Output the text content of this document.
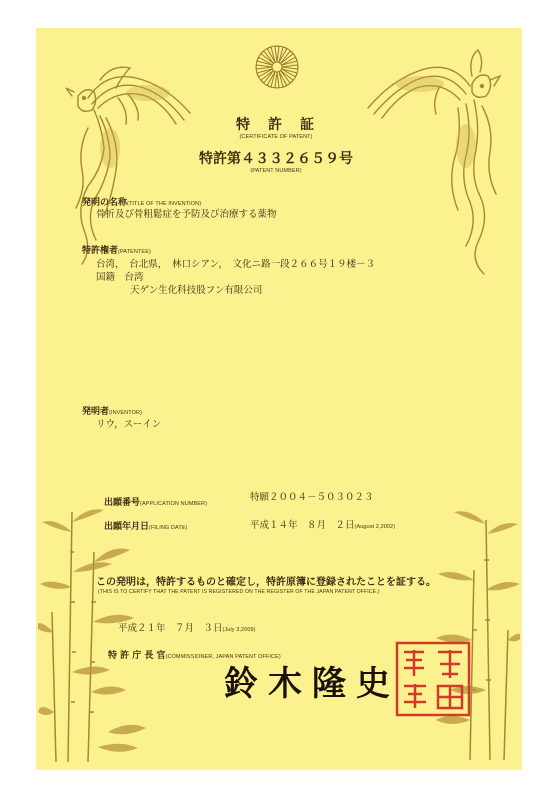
特　許　証
(CERTIFICATE OF PATENT)
特許第４３３２６５９号
(PATENT NUMBER)
発明の名称(TITLE OF THE INVENTION)
骨折及び骨粗鬆症を予防及び治療する薬物
特許権者(PATENTEE)
台湾，　台北県，　林口シアン，　文化ニ路一段２６６号１９楼－３
国籍　台湾
天ゲン生化科技股フン有限公司
発明者(INVENTOR)
リウ，スーイン
出願番号(APPLICATION NUMBER)
特願２００４－５０３０２３
出願年月日(FILING DATE)	平成１４年　８月　２日(August 2,2002)
この発明は，特許するものと確定し，特許原簿に登録されたことを証する。
(THIS IS TO CERTIFY THAT THE PATENT IS REGISTERED ON THE REGISTER OF THE JAPAN PATENT OFFICE.)
平成２１年　７月　３日(July 3,2009)
特 許 庁 長 官(COMMISSIONER, JAPAN PATENT OFFICE)
鈴木隆史
